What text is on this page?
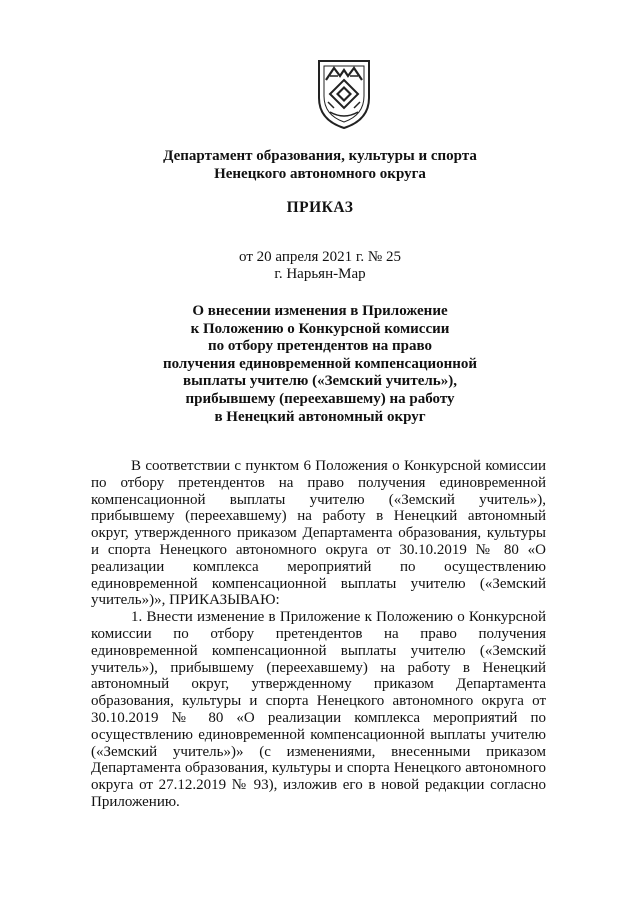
Департамент образования, культуры и спорта
Ненецкого автономного округа
ПРИКАЗ
от 20 апреля 2021 г. № 25
г. Нарьян-Мар
О внесении изменения в Приложение
к Положению о Конкурсной комиссии
по отбору претендентов на право
получения единовременной компенсационной
выплаты учителю («Земский учитель»),
прибывшему (переехавшему) на работу
в Ненецкий автономный округ

В соответствии с пунктом 6 Положения о Конкурсной комиссии по отбору претендентов на право получения единовременной компенсационной выплаты учителю («Земский учитель»), прибывшему (переехавшему) на работу в Ненецкий автономный округ, утвержденного приказом Департамента образования, культуры и спорта Ненецкого автономного округа от 30.10.2019 № 80 «О реализации комплекса мероприятий по осуществлению единовременной компенсационной выплаты учителю («Земский учитель»)», ПРИКАЗЫВАЮ:

1. Внести изменение в Приложение к Положению о Конкурсной комиссии по отбору претендентов на право получения единовременной компенсационной выплаты учителю («Земский учитель»), прибывшему (переехавшему) на работу в Ненецкий автономный округ, утвержденному приказом Департамента образования, культуры и спорта Ненецкого автономного округа от 30.10.2019 № 80 «О реализации комплекса мероприятий по осуществлению единовременной компенсационной выплаты учителю («Земский учитель»)» (с изменениями, внесенными приказом Департамента образования, культуры и спорта Ненецкого автономного округа от 27.12.2019 № 93), изложив его в новой редакции согласно Приложению.
